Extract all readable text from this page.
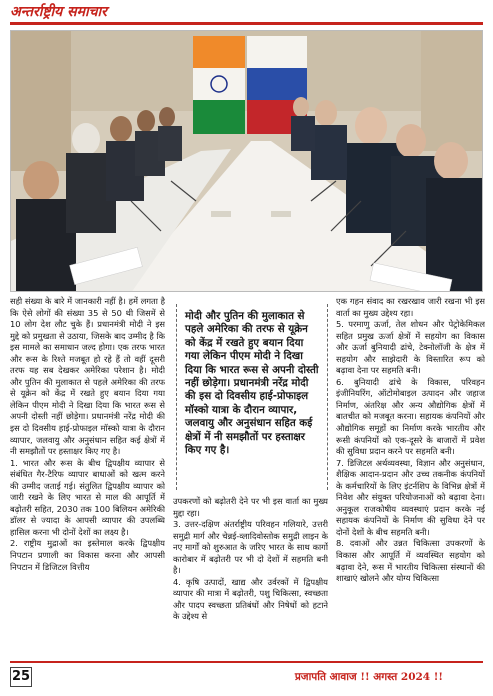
अन्तर्राष्ट्रीय समाचार

सही संख्या के बारे में जानकारी नहीं है। हमें लगता है कि ऐसे लोगों की संख्या 35 से 50 थी जिसमें से 10 लोग देश लौट चुके हैं। प्रधानमंत्री मोदी ने इस मुद्दे को प्रमुखता से उठाया, जिसके बाद उम्मीद है कि इस मामले का समाधान जल्द होगा। एक तरफ भारत और रूस के रिश्ते मजबूत हो रहे हैं तो वहीं दूसरी तरफ यह सब देखकर अमेरिका परेशान है। मोदी और पुतिन की मुलाकात से पहले अमेरिका की तरफ से यूक्रेन को केंद्र में रखते हुए बयान दिया गया लेकिन पीएम मोदी ने दिखा दिया कि भारत रूस से अपनी दोस्ती नहीं छोड़ेगा। प्रधानमंत्री नरेंद्र मोदी की इस दो दिवसीय हाई-प्रोफाइल मॉस्को यात्रा के दौरान व्यापार, जलवायु और अनुसंधान सहित कई क्षेत्रों में नी समझौतों पर हस्ताक्षर किए गए है।

1. भारत और रूस के बीच द्विपक्षीय व्यापार से संबंधित गैर-टैरिफ व्यापार बाधाओं को खत्म करने की उम्मीद जताई गई। संतुलित द्विपक्षीय व्यापार को जारी रखने के लिए भारत से माल की आपूर्ति में बढ़ोतरी सहित, 2030 तक 100 बिलियन अमेरिकी डॉलर से ज्यादा के आपसी व्यापार की उपलब्धि हासिल करना भी दोनों देशों का लक्ष्य है।

2. राष्ट्रीय मुद्राओं का इस्तेमाल करके द्विपक्षीय निपटान प्रणाली का विकास करना और आपसी निपटान में डिजिटल वित्तीय

मोदी और पुतिन की मुलाकात से पहले अमेरिका की तरफ से यूक्रेन को केंद्र में रखते हुए बयान दिया गया लेकिन पीएम मोदी ने दिखा दिया कि भारत रूस से अपनी दोस्ती नहीं छोड़ेगा। प्रधानमंत्री नरेंद्र मोदी की इस दो दिवसीय हाई-प्रोफाइल मॉस्को यात्रा के दौरान व्यापार, जलवायु और अनुसंधान सहित कई क्षेत्रों में नी समझौतों पर हस्ताक्षर किए गए है।

उपकरणों को बढ़ोतरी देने पर भी इस वार्ता का मुख्य मुद्दा रहा।

3. उत्तर-दक्षिण अंतर्राष्ट्रीय परिवहन गलियारे, उत्तरी समुद्री मार्ग और चेन्नई-व्लादिवोस्तोक समुद्री लाइन के नए मार्गों को शुरुआत के जरिए भारत के साथ कार्गो कारोबार में बढ़ोतरी पर भी दो देशों में सहमति बनी है।

4. कृषि उत्पादों, खाद्य और उर्वरकों में द्विपक्षीय व्यापार की मात्रा में बढ़ोतरी, पशु चिकित्सा, स्वच्छता और पादप स्वच्छता प्रतिबंधों और निषेधों को हटाने के उद्देश्य से

एक गहन संवाद का रखरखाव जारी रखना भी इस वार्ता का मुख्य उद्देश्य रहा।

5. परमाणु ऊर्जा, तेल शोधन और पेट्रोकेमिकल सहित प्रमुख ऊर्जा क्षेत्रों में सहयोग का विकास और ऊर्जा बुनियादी ढांचे, टेक्नोलॉजी के क्षेत्र में सहयोग और साझेदारी के विस्तारित रूप को बढ़ावा देना पर सहमति बनी।

6. बुनियादी ढांचे के विकास, परिवहन इंजीनियरिंग, ऑटोमोबाइल उत्पादन और जहाज निर्माण, अंतरिक्ष और अन्य औद्योगिक क्षेत्रों में बातचीत को मजबूत करना। सहायक कंपनियों और औद्योगिक समूहों का निर्माण करके भारतीय और रूसी कंपनियों को एक-दूसरे के बाजारों में प्रवेश की सुविधा प्रदान करने पर सहमति बनी।

7. डिजिटल अर्थव्यवस्था, विज्ञान और अनुसंधान, शैक्षिक आदान-प्रदान और उच्च तकनीक कंपनियों के कर्मचारियों के लिए इंटर्नशिप के विभिन्न क्षेत्रों में निवेश और संयुक्त परियोजनाओं को बढ़ावा देना। अनुकूल राजकोषीय व्यवस्थाएं प्रदान करके नई सहायक कंपनियों के निर्माण की सुविधा देने पर दोनों देशों के बीच सहमति बनी।

8. दवाओं और उन्नत चिकित्सा उपकरणों के विकास और आपूर्ति में व्यवस्थित सहयोग को बढ़ावा देने, रूस में भारतीय चिकित्सा संस्थानों की शाखाएं खोलने और योग्य चिकित्सा

25	प्रजापति आवाज !! अगस्त 2024 !!
